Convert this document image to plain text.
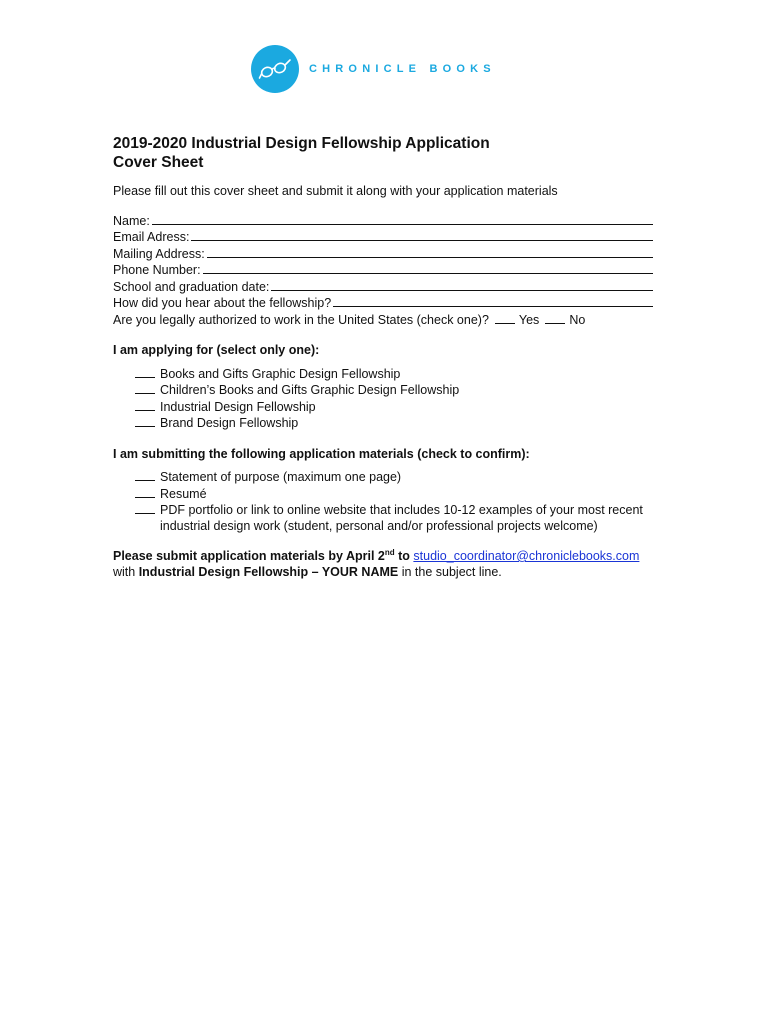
CHRONICLE BOOKS
2019-2020 Industrial Design Fellowship Application
Cover Sheet

Please fill out this cover sheet and submit it along with your application materials

Name:
Email Adress:
Mailing Address:
Phone Number:
School and graduation date:
How did you hear about the fellowship?
Are you legally authorized to work in the United States (check one)? Yes No

I am applying for (select only one):

Books and Gifts Graphic Design Fellowship
Children’s Books and Gifts Graphic Design Fellowship
Industrial Design Fellowship
Brand Design Fellowship

I am submitting the following application materials (check to confirm):

Statement of purpose (maximum one page)
Resumé
PDF portfolio or link to online website that includes 10-12 examples of your most recent industrial design work (student, personal and/or professional projects welcome)

Please submit application materials by April 2nd to studio_coordinator@chroniclebooks.com
with Industrial Design Fellowship – YOUR NAME in the subject line.
